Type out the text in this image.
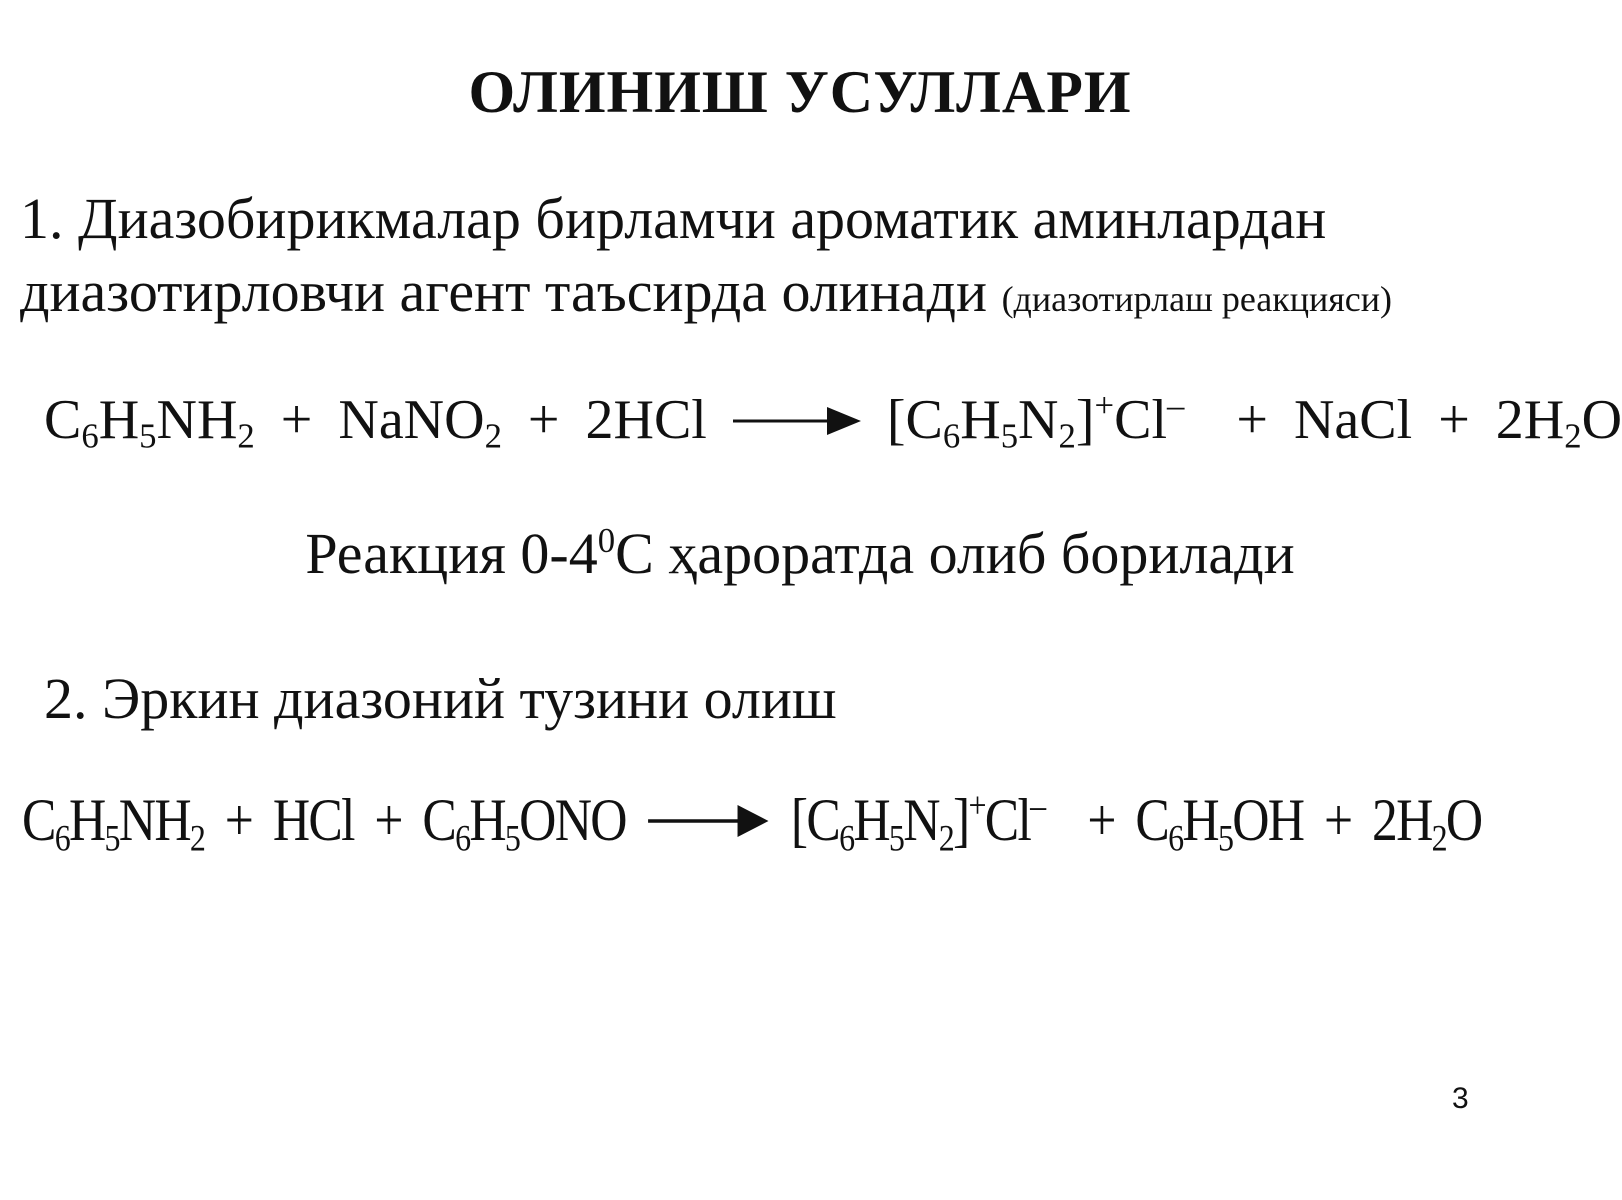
ОЛИНИШ УСУЛЛАРИ
1. Диазобирикмалар бирламчи ароматик аминлардан
диазотирловчи агент таъсирда олинади (диазотирлаш реакцияси)
$C_6H_5NH_2$ + NaNO$_2$ + $2HCl \to [C_6H_5N_2]^+Cl^-$ + NaCl + $2H_2O$
Реакция $0-4^0C$ ҳароратда олиб борилади
2. Эркин диазоний тузини олиш
$C_6H_5NH_2$ + HCl + $C_6H_5ONO \to [C_6H_5N_2]^+Cl^- + C_6H_5OH + 2H_2O$
3
